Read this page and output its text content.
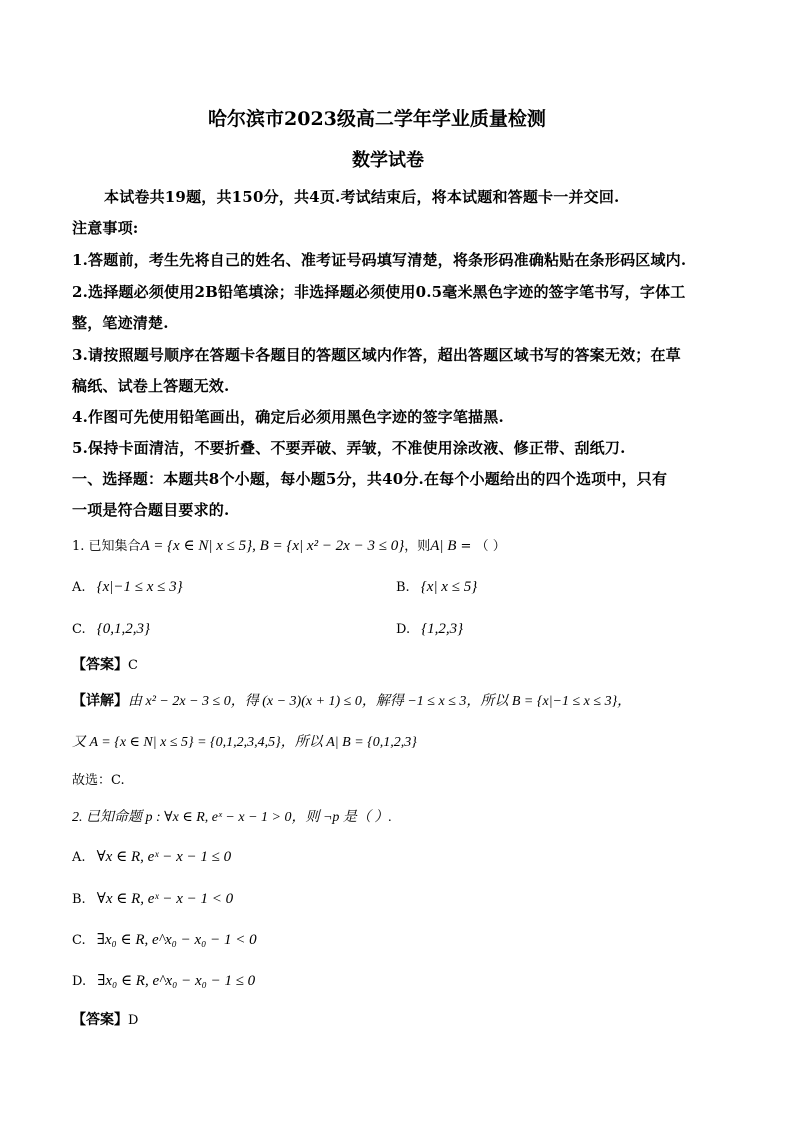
哈尔滨市2023级高二学年学业质量检测
数学试卷
本试卷共19题，共150分，共4页.考试结束后，将本试题和答题卡一并交回.
注意事项:
1.答题前，考生先将自己的姓名、准考证号码填写清楚，将条形码准确粘贴在条形码区域内.
2.选择题必须使用2B铅笔填涂；非选择题必须使用0.5毫米黑色字迹的签字笔书写，字体工
整，笔迹清楚.
3.请按照题号顺序在答题卡各题目的答题区域内作答，超出答题区域书写的答案无效；在草
稿纸、试卷上答题无效.
4.作图可先使用铅笔画出，确定后必须用黑色字迹的签字笔描黑.
5.保持卡面清洁，不要折叠、不要弄破、弄皱，不准使用涂改液、修正带、刮纸刀.
一、选择题：本题共8个小题，每小题5分，共40分.在每个小题给出的四个选项中，只有
一项是符合题目要求的.
1. 已知集合A = {x ∈ N| x ≤ 5}, B = {x| x² − 2x − 3 ≤ 0}，则A| B = （ ）
A. {x|−1 ≤ x ≤ 3}	B. {x| x ≤ 5}
C. {0,1,2,3}	D. {1,2,3}
【答案】C
【详解】由 x² − 2x − 3 ≤ 0，得 (x − 3)(x + 1) ≤ 0，解得 −1 ≤ x ≤ 3，所以 B = {x|−1 ≤ x ≤ 3}，
又 A = {x ∈ N| x ≤ 5} = {0,1,2,3,4,5}，所以 A| B = {0,1,2,3}
故选：C.
2. 已知命题 p : ∀x ∈ R, eˣ − x − 1 > 0，则 ¬p 是（ ）.
A. ∀x ∈ R, eˣ − x − 1 ≤ 0
B. ∀x ∈ R, eˣ − x − 1 < 0
C. ∃x₀ ∈ R, e^x₀ − x₀ − 1 < 0
D. ∃x₀ ∈ R, e^x₀ − x₀ − 1 ≤ 0
【答案】D
